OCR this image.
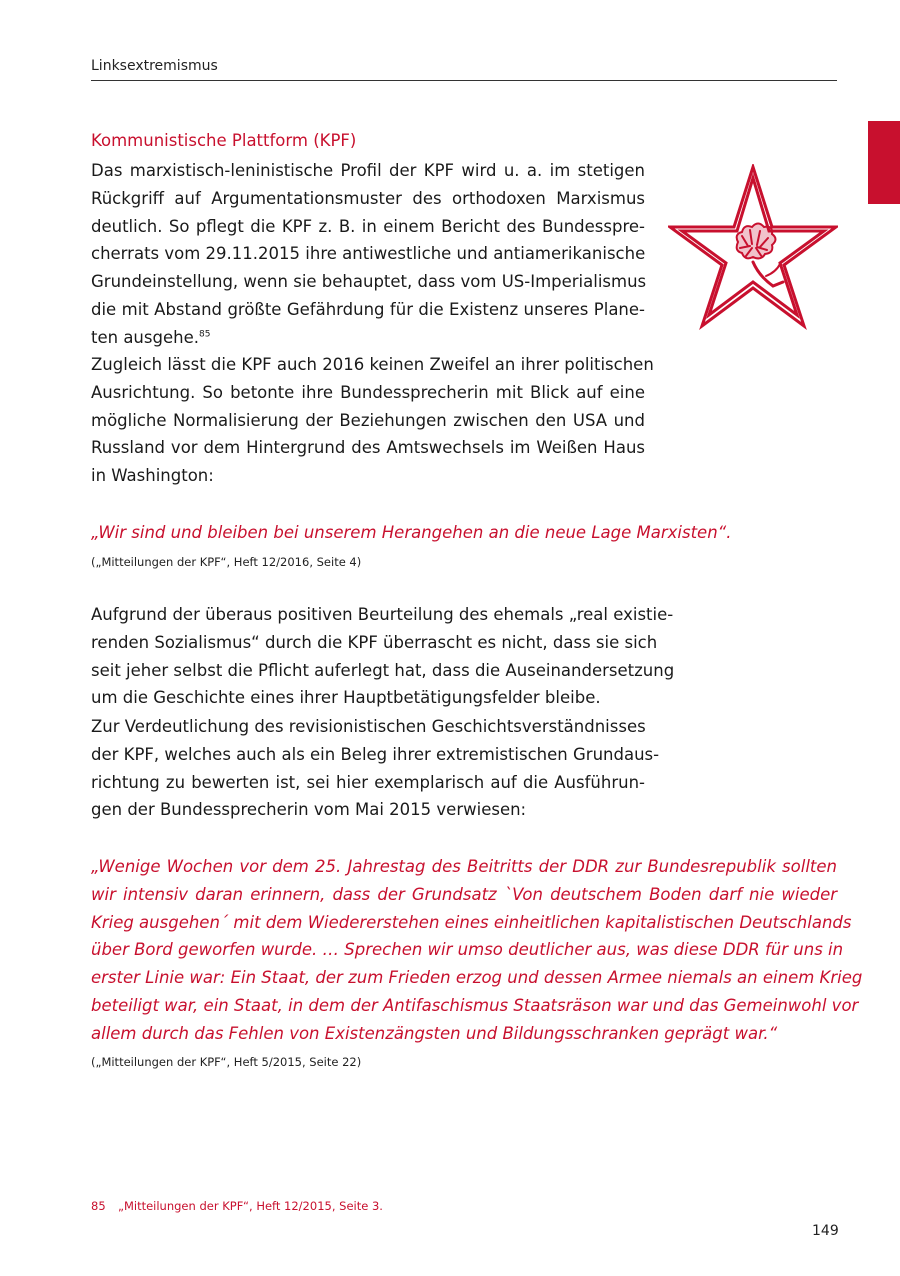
Linksextremismus
Kommunistische Plattform (KPF)

Das marxistisch-leninistische Profil der KPF wird u. a. im stetigen
Rückgriff auf Argumentationsmuster des orthodoxen Marxismus
deutlich. So pflegt die KPF z. B. in einem Bericht des Bundesspre-
cherrats vom 29.11.2015 ihre antiwestliche und antiamerikanische
Grundeinstellung, wenn sie behauptet, dass vom US-Imperialismus
die mit Abstand größte Gefährdung für die Existenz unseres Plane-
ten ausgehe.$^{85}$

Zugleich lässt die KPF auch 2016 keinen Zweifel an ihrer politischen
Ausrichtung. So betonte ihre Bundessprecherin mit Blick auf eine
mögliche Normalisierung der Beziehungen zwischen den USA und
Russland vor dem Hintergrund des Amtswechsels im Weißen Haus
in Washington:

„Wir sind und bleiben bei unserem Herangehen an die neue Lage Marxisten“.

(„Mitteilungen der KPF“, Heft 12/2016, Seite 4)

Aufgrund der überaus positiven Beurteilung des ehemals „real existie-
renden Sozialismus“ durch die KPF überrascht es nicht, dass sie sich
seit jeher selbst die Pflicht auferlegt hat, dass die Auseinandersetzung
um die Geschichte eines ihrer Hauptbetätigungsfelder bleibe.

Zur Verdeutlichung des revisionistischen Geschichtsverständnisses
der KPF, welches auch als ein Beleg ihrer extremistischen Grundaus-
richtung zu bewerten ist, sei hier exemplarisch auf die Ausführun-
gen der Bundessprecherin vom Mai 2015 verwiesen:

„Wenige Wochen vor dem 25. Jahrestag des Beitritts der DDR zur Bundesrepublik sollten
wir intensiv daran erinnern, dass der Grundsatz `Von deutschem Boden darf nie wieder
Krieg ausgehen´ mit dem Wiedererstehen eines einheitlichen kapitalistischen Deutschlands
über Bord geworfen wurde. … Sprechen wir umso deutlicher aus, was diese DDR für uns in
erster Linie war: Ein Staat, der zum Frieden erzog und dessen Armee niemals an einem Krieg
beteiligt war, ein Staat, in dem der Antifaschismus Staatsräson war und das Gemeinwohl vor
allem durch das Fehlen von Existenzängsten und Bildungsschranken geprägt war.“

(„Mitteilungen der KPF“, Heft 5/2015, Seite 22)
85 „Mitteilungen der KPF“, Heft 12/2015, Seite 3.
149
